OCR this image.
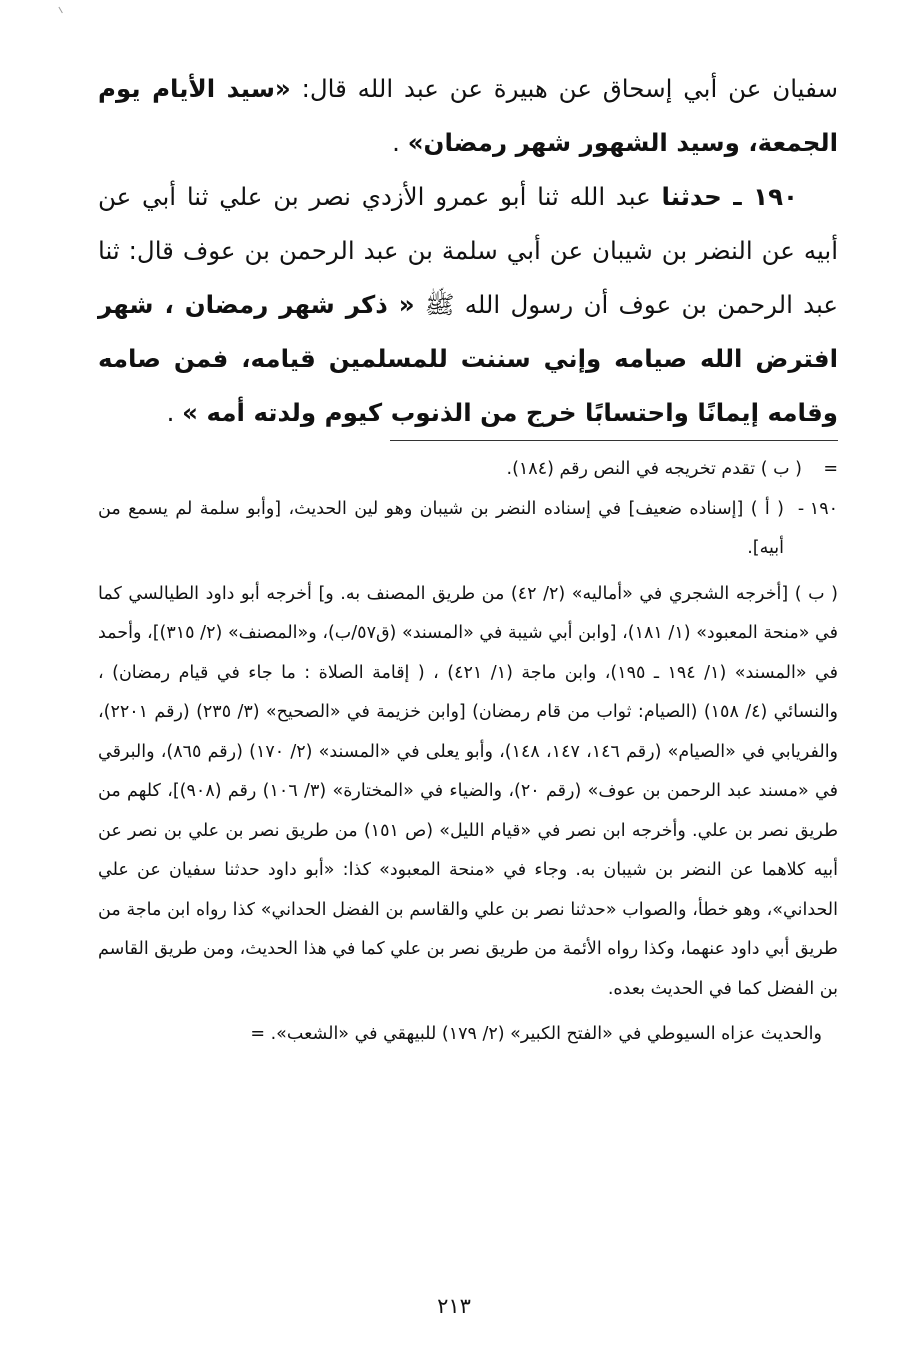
سفيان عن أبي إسحاق عن هبيرة عن عبد الله قال: «سيد الأيام يوم الجمعة، وسيد الشهور شهر رمضان» .

١٩٠ ـ حدثنا عبد الله ثنا أبو عمرو الأزدي نصر بن علي ثنا أبي عن أبيه عن النضر بن شيبان عن أبي سلمة بن عبد الرحمن بن عوف قال: ثنا عبد الرحمن بن عوف أن رسول الله ﷺ « ذكر شهر رمضان ، شهر افترض الله صيامه وإني سننت للمسلمين قيامه، فمن صامه وقامه إيمانًا واحتسابًا خرج من الذنوب كيوم ولدته أمه » .

=
( ب ) تقدم تخريجه في النص رقم (١٨٤).

١٩٠ -
( أ ) [إسناده ضعيف] في إسناده النضر بن شيبان وهو لين الحديث، [وأبو سلمة لم يسمع من أبيه].

( ب ) [أخرجه الشجري في «أماليه» (٢/ ٤٢) من طريق المصنف به. و] أخرجه أبو داود الطيالسي كما في «منحة المعبود» (١/ ١٨١)، [وابن أبي شيبة في «المسند» (ق٥٧/ب)، و«المصنف» (٢/ ٣١٥)]، وأحمد في «المسند» (١/ ١٩٤ ـ ١٩٥)، وابن ماجة (١/ ٤٢١) ، ( إقامة الصلاة : ما جاء في قيام رمضان) ، والنسائي (٤/ ١٥٨) (الصيام: ثواب من قام رمضان) [وابن خزيمة في «الصحيح» (٣/ ٢٣٥) (رقم ٢٢٠١)، والفريابي في «الصيام» (رقم ١٤٦، ١٤٧، ١٤٨)، وأبو يعلى في «المسند» (٢/ ١٧٠) (رقم ٨٦٥)، والبرقي في «مسند عبد الرحمن بن عوف» (رقم ٢٠)، والضياء في «المختارة» (٣/ ١٠٦) رقم (٩٠٨)]، كلهم من طريق نصر بن علي. وأخرجه ابن نصر في «قيام الليل» (ص ١٥١) من طريق نصر بن علي بن نصر عن أبيه كلاهما عن النضر بن شيبان به. وجاء في «منحة المعبود» كذا: «أبو داود حدثنا سفيان عن علي الحداني»، وهو خطأ، والصواب «حدثنا نصر بن علي والقاسم بن الفضل الحداني» كذا رواه ابن ماجة من طريق أبي داود عنهما، وكذا رواه الأئمة من طريق نصر بن علي كما في هذا الحديث، ومن طريق القاسم بن الفضل كما في الحديث بعده.

والحديث عزاه السيوطي في «الفتح الكبير» (٢/ ١٧٩) للبيهقي في «الشعب». =

٢١٣
